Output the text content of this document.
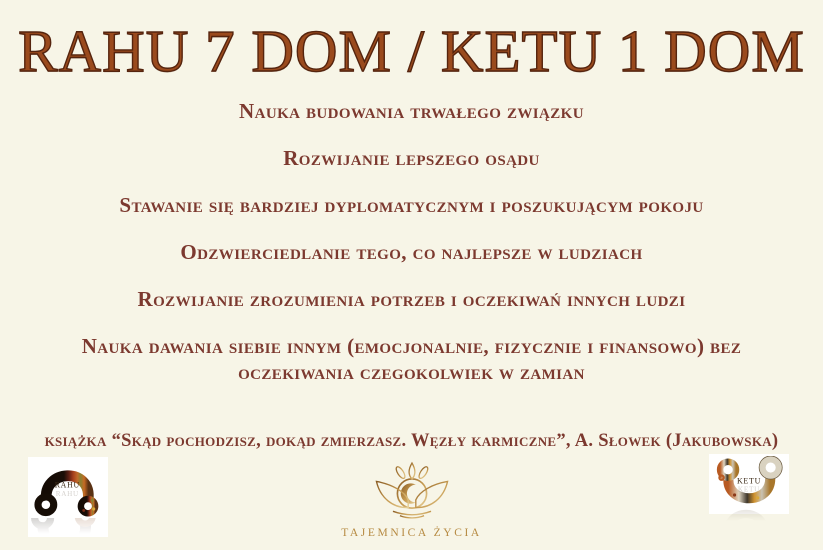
RAHU 7 DOM / KETU 1 DOM

Nauka budowania trwałego związku

Rozwijanie lepszego osądu

Stawanie się bardziej dyplomatycznym i poszukującym pokoju

Odzwierciedlanie tego, co najlepsze w ludziach

Rozwijanie zrozumienia potrzeb i oczekiwań innych ludzi

Nauka dawania siebie innym (emocjonalnie, fizycznie i finansowo) bez oczekiwania czegokolwiek w zamian

książka “Skąd pochodzisz, dokąd zmierzasz. Węzły karmiczne”, A. Słowek (Jakubowska)
RAHU
RAHU
TAJEMNICA ŻYCIA
KETU
KETU
